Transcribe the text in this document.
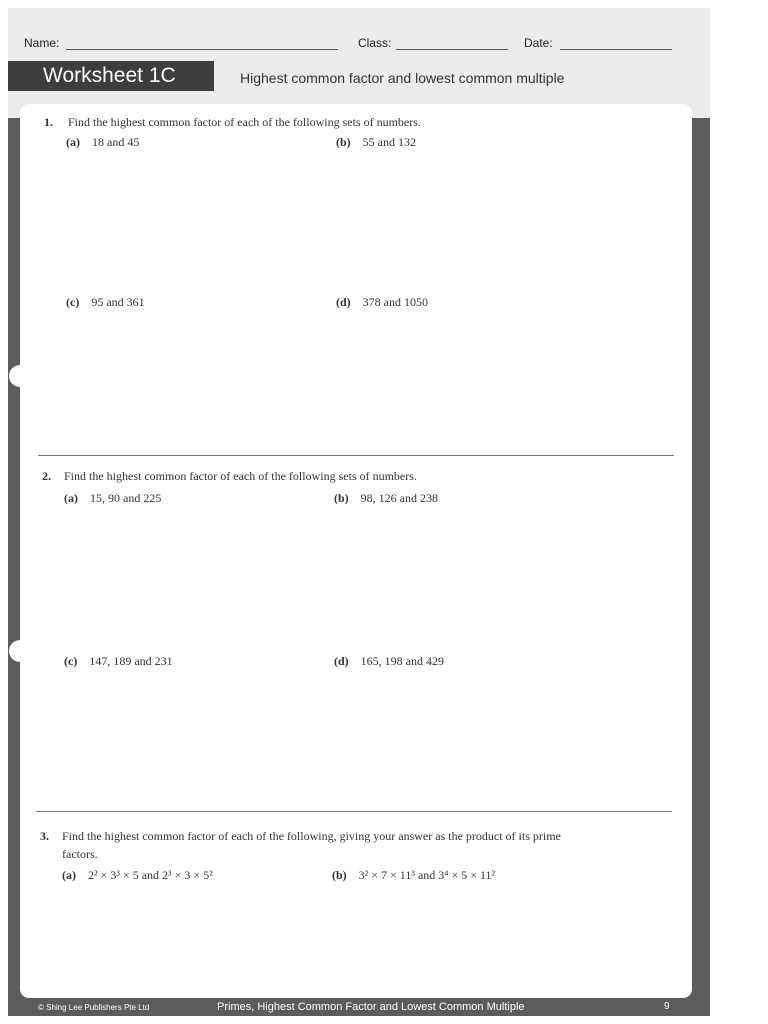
Name:	Class:	Date:
Worksheet 1C	Highest common factor and lowest common multiple
1. Find the highest common factor of each of the following sets of numbers.
(a) 18 and 45	(b) 55 and 132
(c) 95 and 361	(d) 378 and 1050
2. Find the highest common factor of each of the following sets of numbers.
(a) 15, 90 and 225	(b) 98, 126 and 238
(c) 147, 189 and 231	(d) 165, 198 and 429
3. Find the highest common factor of each of the following, giving your answer as the product of its prime
factors.
(a) 2² × 3³ × 5 and 2³ × 3 × 5²	(b) 3² × 7 × 11³ and 3⁴ × 5 × 11²
© Shing Lee Publishers Pte Ltd	Primes, Highest Common Factor and Lowest Common Multiple	9
